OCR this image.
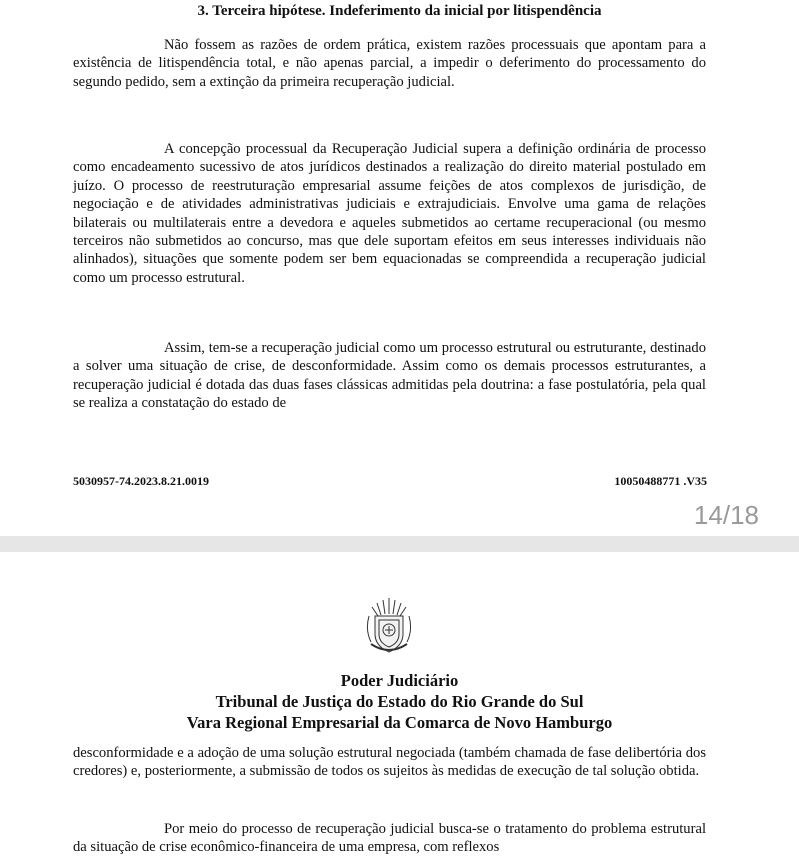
3. Terceira hipótese. Indeferimento da inicial por litispendência

Não fossem as razões de ordem prática, existem razões processuais que apontam para a existência de litispendência total, e não apenas parcial, a impedir o deferimento do processamento do segundo pedido, sem a extinção da primeira recuperação judicial.

A concepção processual da Recuperação Judicial supera a definição ordinária de processo como encadeamento sucessivo de atos jurídicos destinados a realização do direito material postulado em juízo. O processo de reestruturação empresarial assume feições de atos complexos de jurisdição, de negociação e de atividades administrativas judiciais e extrajudiciais. Envolve uma gama de relações bilaterais ou multilaterais entre a devedora e aqueles submetidos ao certame recuperacional (ou mesmo terceiros não submetidos ao concurso, mas que dele suportam efeitos em seus interesses individuais não alinhados), situações que somente podem ser bem equacionadas se compreendida a recuperação judicial como um processo estrutural.

Assim, tem-se a recuperação judicial como um processo estrutural ou estruturante, destinado a solver uma situação de crise, de desconformidade. Assim como os demais processos estruturantes, a recuperação judicial é dotada das duas fases clássicas admitidas pela doutrina: a fase postulatória, pela qual se realiza a constatação do estado de

5030957-74.2023.8.21.0019	10050488771 .V35
14/18
Poder Judiciário
Tribunal de Justiça do Estado do Rio Grande do Sul
Vara Regional Empresarial da Comarca de Novo Hamburgo

desconformidade e a adoção de uma solução estrutural negociada (também chamada de fase delibertória dos credores) e, posteriormente, a submissão de todos os sujeitos às medidas de execução de tal solução obtida.

Por meio do processo de recuperação judicial busca-se o tratamento do problema estrutural da situação de crise econômico-financeira de uma empresa, com reflexos
